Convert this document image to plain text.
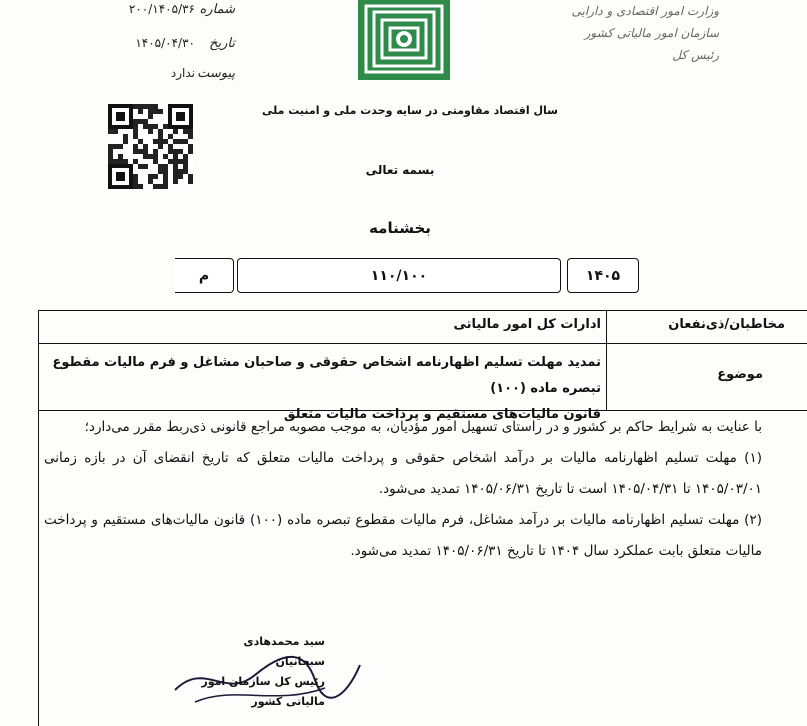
شماره
۲۰۰/۱۴۰۵/۳۶
تاریخ
۱۴۰۵/۰۴/۳۰
پیوست
ندارد
وزارت امور اقتصادی و دارایی
سازمان امور مالیاتی کشور
رئیس کل
سال اقتصاد مقاومتی در سایه وحدت ملی و امنیت ملی
بسمه تعالی
بخشنامه
م	۱۱۰/۱۰۰	۱۴۰۵
مخاطبان/ذی‌نفعان
ادارات کل امور مالیاتی
موضوع
تمدید مهلت تسلیم اظهارنامه اشخاص حقوقی و صاحبان مشاغل و فرم مالیات مقطوع تبصره ماده (۱۰۰)
قانون مالیات‌های مستقیم و پرداخت مالیات متعلق

با عنایت به شرایط حاکم بر کشور و در راستای تسهیل امور مؤدیان، به موجب مصوبه مراجع قانونی ذی‌ربط مقرر می‌دارد؛

(۱) مهلت تسلیم اظهارنامه مالیات بر درآمد اشخاص حقوقی و پرداخت مالیات متعلق که تاریخ انقضای آن در بازه زمانی ۱۴۰۵/۰۳/۰۱ تا ۱۴۰۵/۰۴/۳۱ است تا تاریخ ۱۴۰۵/۰۶/۳۱ تمدید می‌شود.

(۲) مهلت تسلیم اظهارنامه مالیات بر درآمد مشاغل، فرم مالیات مقطوع تبصره ماده (۱۰۰) قانون مالیات‌های مستقیم و پرداخت مالیات متعلق بابت عملکرد سال ۱۴۰۴ تا تاریخ ۱۴۰۵/۰۶/۳۱ تمدید می‌شود.

سید محمدهادی سبحانیان
رئیس کل سازمان امور مالیاتی کشور
